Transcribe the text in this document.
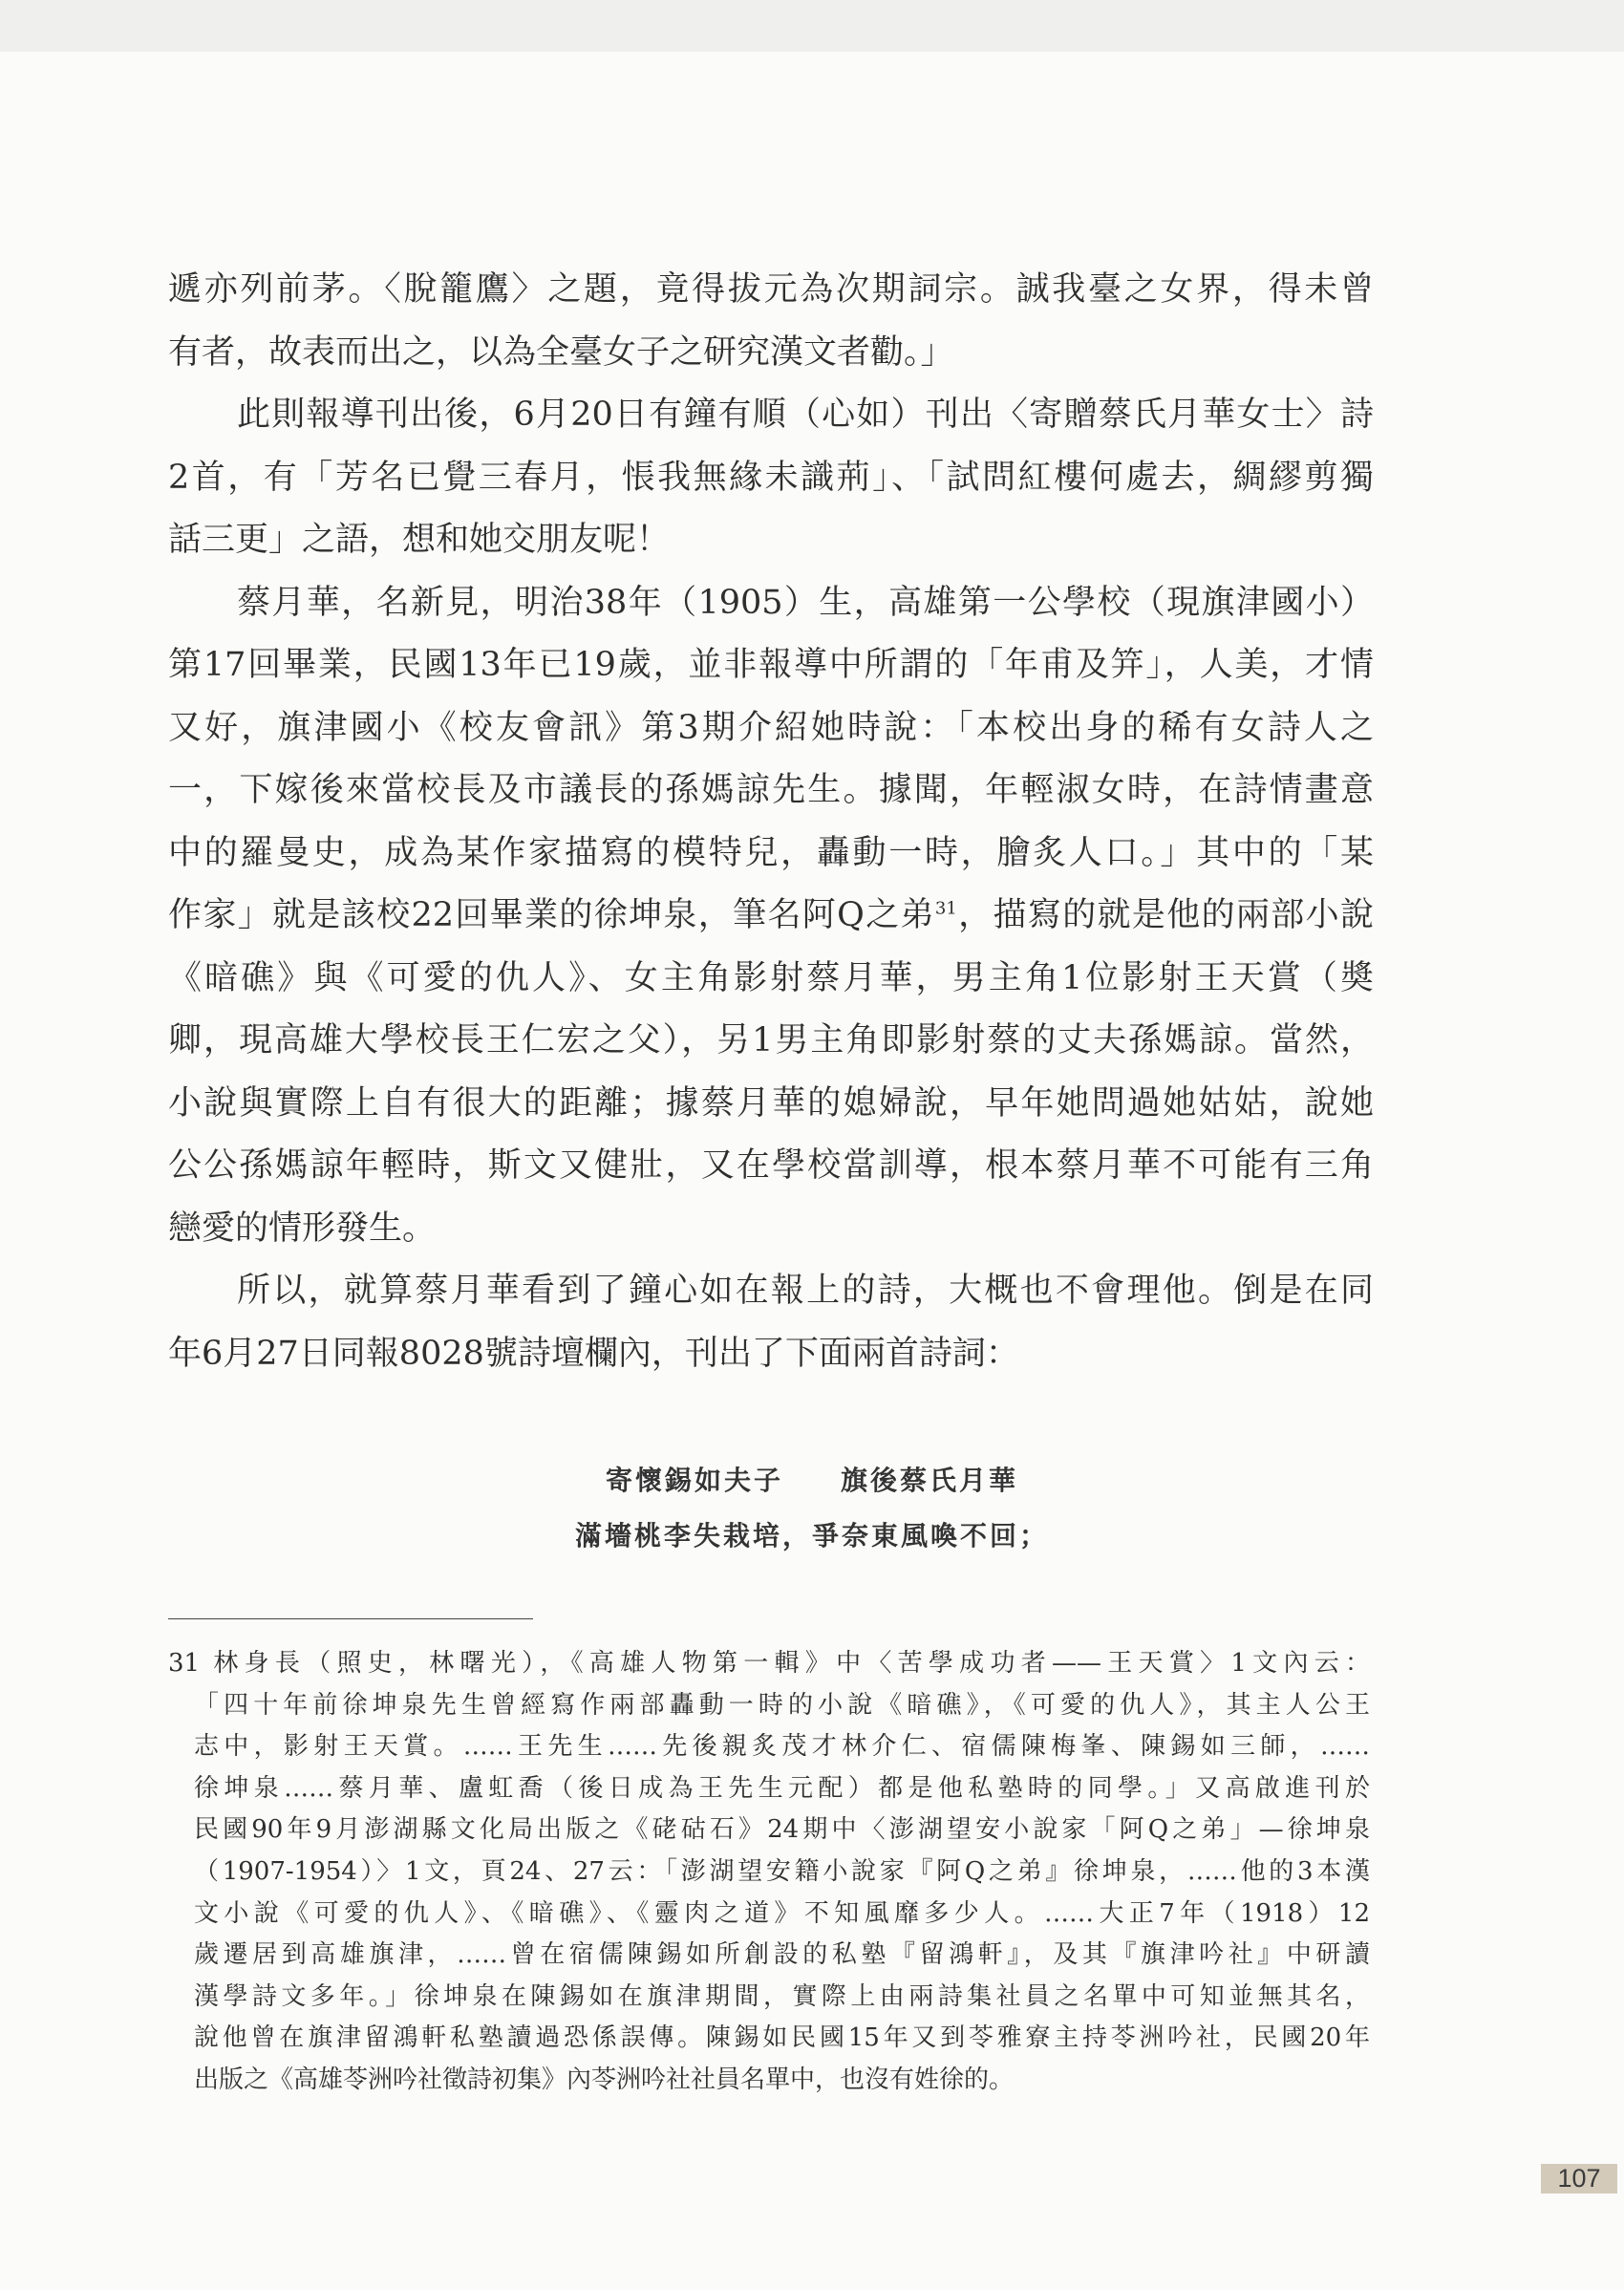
遞亦列前茅。〈脫籠鷹〉之題，竟得拔元為次期詞宗。誠我臺之女界，得未曾
有者，故表而出之，以為全臺女子之研究漢文者勸。」
此則報導刊出後，6月20日有鐘有順（心如）刊出〈寄贈蔡氏月華女士〉詩
2首，有「芳名已覺三春月，悵我無緣未識荊」、「試問紅樓何處去，綢繆剪獨
話三更」之語，想和她交朋友呢！
蔡月華，名新見，明治38年（1905）生，高雄第一公學校（現旗津國小）
第17回畢業，民國13年已19歲，並非報導中所謂的「年甫及笄」，人美，才情
又好，旗津國小《校友會訊》第3期介紹她時說：「本校出身的稀有女詩人之
一，下嫁後來當校長及市議長的孫媽諒先生。據聞，年輕淑女時，在詩情畫意
中的羅曼史，成為某作家描寫的模特兒，轟動一時，膾炙人口。」其中的「某
作家」就是該校22回畢業的徐坤泉，筆名阿Q之弟$^{31}$，描寫的就是他的兩部小說
《暗礁》與《可愛的仇人》、女主角影射蔡月華，男主角1位影射王天賞（奬
卿，現高雄大學校長王仁宏之父），另1男主角即影射蔡的丈夫孫媽諒。當然，
小說與實際上自有很大的距離；據蔡月華的媳婦說，早年她問過她姑姑，說她
公公孫媽諒年輕時，斯文又健壯，又在學校當訓導，根本蔡月華不可能有三角
戀愛的情形發生。
所以，就算蔡月華看到了鐘心如在報上的詩，大概也不會理他。倒是在同
年6月27日同報8028號詩壇欄內，刊出了下面兩首詩詞：
寄懷錫如夫子 旗後蔡氏月華
滿墻桃李失栽培，爭奈東風喚不回；
31 林身長（照史，林曙光），《高雄人物第一輯》中〈苦學成功者——王天賞〉1文內云：
「四十年前徐坤泉先生曾經寫作兩部轟動一時的小說《暗礁》，《可愛的仇人》，其主人公王
志中，影射王天賞。……王先生……先後親炙茂才林介仁、宿儒陳梅峯、陳錫如三師，……
徐坤泉……蔡月華、盧虹喬（後日成為王先生元配）都是他私塾時的同學。」又高啟進刊於
民國90年9月澎湖縣文化局出版之《硓𥑮石》24期中〈澎湖望安小說家「阿Q之弟」—徐坤泉
（1907-1954）〉1文，頁24、27云：「澎湖望安籍小說家『阿Q之弟』徐坤泉，……他的3本漢
文小說《可愛的仇人》、《暗礁》、《靈肉之道》不知風靡多少人。……大正7年（1918）12
歲遷居到高雄旗津，……曾在宿儒陳錫如所創設的私塾『留鴻軒』，及其『旗津吟社』中研讀
漢學詩文多年。」徐坤泉在陳錫如在旗津期間，實際上由兩詩集社員之名單中可知並無其名，
說他曾在旗津留鴻軒私塾讀過恐係誤傳。陳錫如民國15年又到苓雅寮主持苓洲吟社，民國20年
出版之《高雄苓洲吟社徵詩初集》內苓洲吟社社員名單中，也沒有姓徐的。
107
